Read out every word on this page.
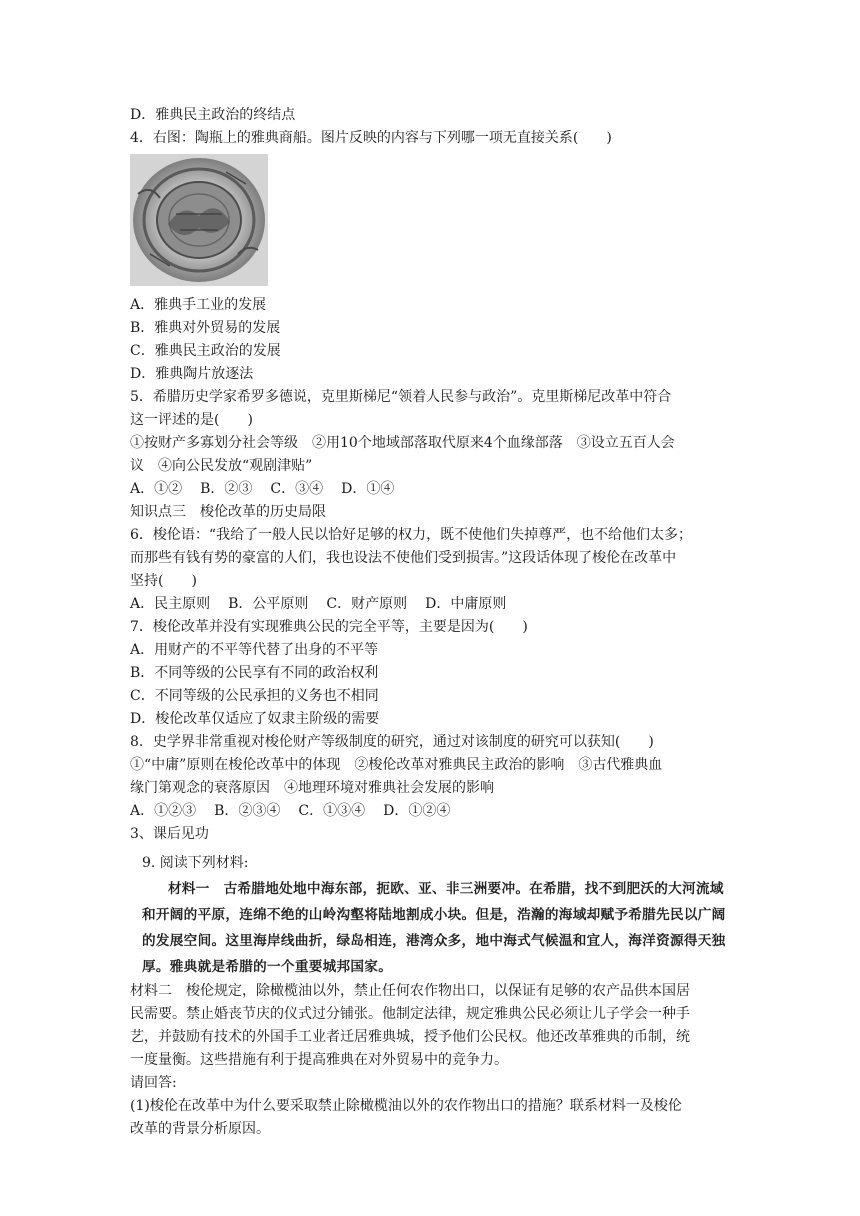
D．雅典民主政治的终结点
4．右图：陶瓶上的雅典商船。图片反映的内容与下列哪一项无直接关系(　　)
A．雅典手工业的发展
B．雅典对外贸易的发展
C．雅典民主政治的发展
D．雅典陶片放逐法
5．希腊历史学家希罗多德说，克里斯梯尼“领着人民参与政治”。克里斯梯尼改革中符合
这一评述的是(　　)
①按财产多寡划分社会等级　②用10个地域部落取代原来4个血缘部落　③设立五百人会
议　④向公民发放“观剧津贴”
A．①② B．②③ C．③④ D．①④
知识点三　梭伦改革的历史局限
6．梭伦语：“我给了一般人民以恰好足够的权力，既不使他们失掉尊严，也不给他们太多；
而那些有钱有势的豪富的人们，我也设法不使他们受到损害。”这段话体现了梭伦在改革中
坚持(　　)
A．民主原则 B．公平原则 C．财产原则 D．中庸原则
7．梭伦改革并没有实现雅典公民的完全平等，主要是因为(　　)
A．用财产的不平等代替了出身的不平等
B．不同等级的公民享有不同的政治权利
C．不同等级的公民承担的义务也不相同
D．梭伦改革仅适应了奴隶主阶级的需要
8．史学界非常重视对梭伦财产等级制度的研究，通过对该制度的研究可以获知(　　)
①“中庸”原则在梭伦改革中的体现　②梭伦改革对雅典民主政治的影响　③古代雅典血
缘门第观念的衰落原因　④地理环境对雅典社会发展的影响
A．①②③ B．②③④ C．①③④ D．①②④
3、课后见功
9. 阅读下列材料:
材料一　古希腊地处地中海东部，扼欧、亚、非三洲要冲。在希腊，找不到肥沃的大河流域
和开阔的平原，连绵不绝的山岭沟壑将陆地割成小块。但是，浩瀚的海域却赋予希腊先民以广阔
的发展空间。这里海岸线曲折，绿岛相连，港湾众多，地中海式气候温和宜人，海洋资源得天独
厚。雅典就是希腊的一个重要城邦国家。
材料二　梭伦规定，除橄榄油以外，禁止任何农作物出口，以保证有足够的农产品供本国居
民需要。禁止婚丧节庆的仪式过分铺张。他制定法律，规定雅典公民必须让儿子学会一种手
艺，并鼓励有技术的外国手工业者迁居雅典城，授予他们公民权。他还改革雅典的币制，统
一度量衡。这些措施有利于提高雅典在对外贸易中的竞争力。
请回答:
(1)梭伦在改革中为什么要采取禁止除橄榄油以外的农作物出口的措施？联系材料一及梭伦
改革的背景分析原因。
